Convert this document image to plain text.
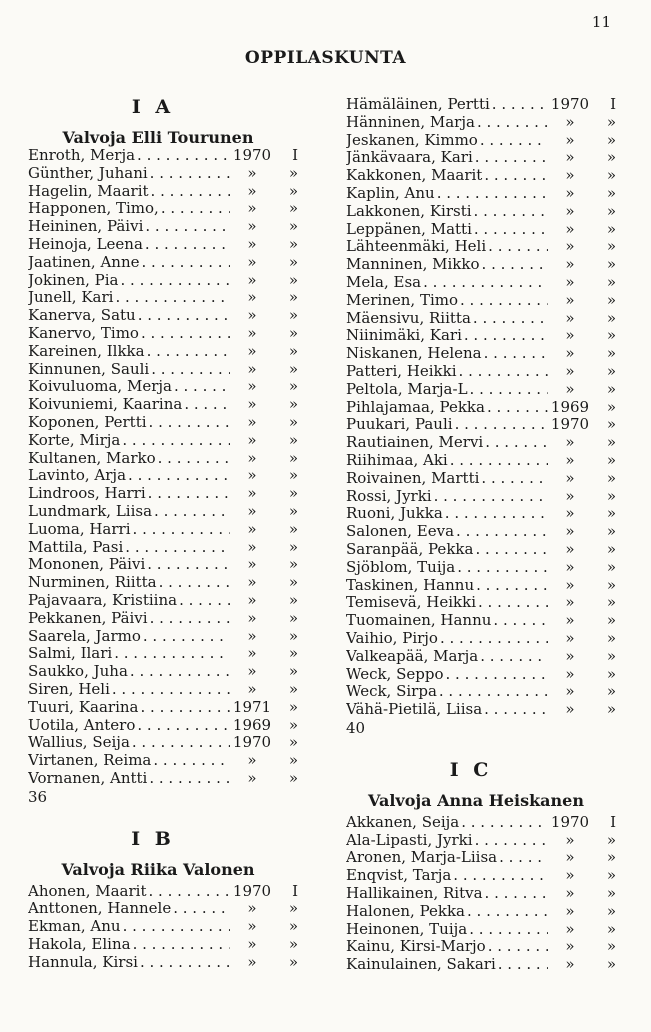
11
OPPILASKUNTA
I A
Valvoja Elli Tourunen
Enroth, Merja . . .	1970	I
Günther, Juhani . . .	»	»
Hagelin, Maarit . . .	»	»
Happonen, Timo, . . .	»	»
Heininen, Päivi . . .	»	»
Heinoja, Leena . . .	»	»
Jaatinen, Anne . . .	»	»
Jokinen, Pia . . .	»	»
Junell, Kari . . .	»	»
Kanerva, Satu . . .	»	»
Kanervo, Timo . . .	»	»
Kareinen, Ilkka . . .	»	»
Kinnunen, Sauli . . .	»	»
Koivuluoma, Merja . . .	»	»
Koivuniemi, Kaarina . . .	»	»
Koponen, Pertti . . .	»	»
Korte, Mirja . . .	»	»
Kultanen, Marko . . .	»	»
Lavinto, Arja . . .	»	»
Lindroos, Harri . . .	»	»
Lundmark, Liisa . . .	»	»
Luoma, Harri . . .	»	»
Mattila, Pasi . . .	»	»
Mononen, Päivi . . .	»	»
Nurminen, Riitta . . .	»	»
Pajavaara, Kristiina . . .	»	»
Pekkanen, Päivi . . .	»	»
Saarela, Jarmo . . .	»	»
Salmi, Ilari . . .	»	»
Saukko, Juha . . .	»	»
Siren, Heli . . .	»	»
Tuuri, Kaarina . . .	1971	»
Uotila, Antero . . .	1969	»
Wallius, Seija . . .	1970	»
Virtanen, Reima . . .	»	»
Vornanen, Antti . . .	»	»
36
I B
Valvoja Riika Valonen
Ahonen, Maarit . . .	1970	I
Anttonen, Hannele . . .	»	»
Ekman, Anu . . .	»	»
Hakola, Elina . . .	»	»
Hannula, Kirsi . . .	»	»
Hämäläinen, Pertti . . .	1970	I
Hänninen, Marja . . .	»	»
Jeskanen, Kimmo . . .	»	»
Jänkävaara, Kari . . .	»	»
Kakkonen, Maarit . . .	»	»
Kaplin, Anu . . .	»	»
Lakkonen, Kirsti . . .	»	»
Leppänen, Matti . . .	»	»
Lähteenmäki, Heli . . .	»	»
Manninen, Mikko . . .	»	»
Mela, Esa . . .	»	»
Merinen, Timo . . .	»	»
Mäensivu, Riitta . . .	»	»
Niinimäki, Kari . . .	»	»
Niskanen, Helena . . .	»	»
Patteri, Heikki . . .	»	»
Peltola, Marja-L . . .	»	»
Pihlajamaa, Pekka . . .	1969	»
Puukari, Pauli . . .	1970	»
Rautiainen, Mervi . . .	»	»
Riihimaa, Aki . . .	»	»
Roivainen, Martti . . .	»	»
Rossi, Jyrki . . .	»	»
Ruoni, Jukka . . .	»	»
Salonen, Eeva . . .	»	»
Saranpää, Pekka . . .	»	»
Sjöblom, Tuija . . .	»	»
Taskinen, Hannu . . .	»	»
Temisevä, Heikki . . .	»	»
Tuomainen, Hannu . . .	»	»
Vaihio, Pirjo . . .	»	»
Valkeapää, Marja . . .	»	»
Weck, Seppo . . .	»	»
Weck, Sirpa . . .	»	»
Vähä-Pietilä, Liisa . . .	»	»
40
I C
Valvoja Anna Heiskanen
Akkanen, Seija . . .	1970	I
Ala-Lipasti, Jyrki . . .	»	»
Aronen, Marja-Liisa . . .	»	»
Enqvist, Tarja . . .	»	»
Hallikainen, Ritva . . .	»	»
Halonen, Pekka . . .	»	»
Heinonen, Tuija . . .	»	»
Kainu, Kirsi-Marjo . . .	»	»
Kainulainen, Sakari . . .	»	»
